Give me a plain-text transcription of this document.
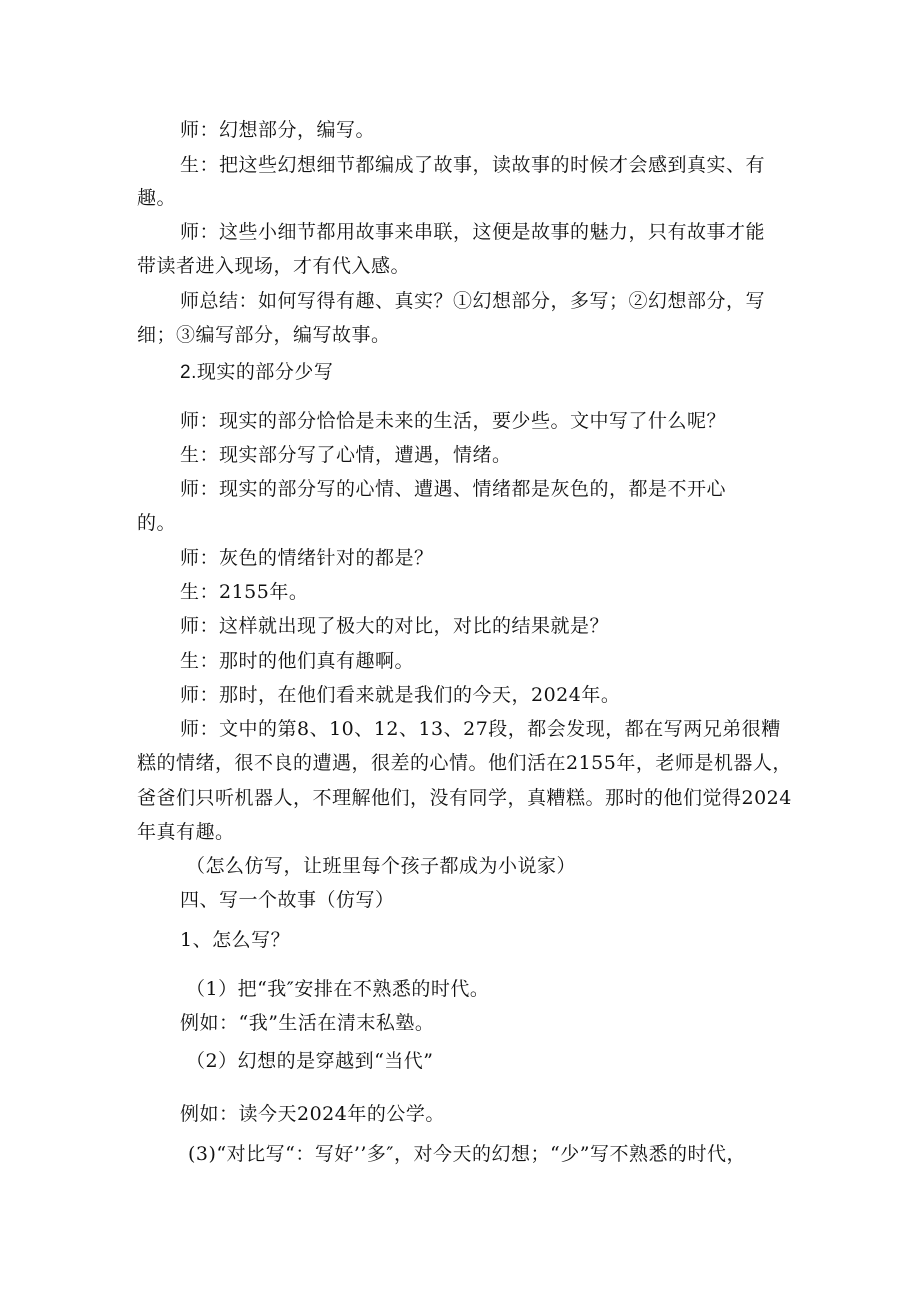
师：幻想部分，编写。
生：把这些幻想细节都编成了故事，读故事的时候才会感到真实、有
趣。
师：这些小细节都用故事来串联，这便是故事的魅力，只有故事才能
带读者进入现场，才有代入感。
师总结：如何写得有趣、真实？①幻想部分，多写；②幻想部分，写
细；③编写部分，编写故事。
2.现实的部分少写
师：现实的部分恰恰是未来的生活，要少些。文中写了什么呢？
生：现实部分写了心情，遭遇，情绪。
师：现实的部分写的心情、遭遇、情绪都是灰色的，都是不开心
的。
师：灰色的情绪针对的都是？
生：2155年。
师：这样就出现了极大的对比，对比的结果就是？
生：那时的他们真有趣啊。
师：那时，在他们看来就是我们的今天，2024年。
师：文中的第8、10、12、13、27段，都会发现，都在写两兄弟很糟
糕的情绪，很不良的遭遇，很差的心情。他们活在2155年，老师是机器人，
爸爸们只听机器人，不理解他们，没有同学，真糟糕。那时的他们觉得2024
年真有趣。
（怎么仿写，让班里每个孩子都成为小说家）
四、写一个故事（仿写）
1、怎么写？
（1）把“我″安排在不熟悉的时代。
例如：“我”生活在清末私塾。
（2）幻想的是穿越到“当代”
例如：读今天2024年的公学。
(3)“对比写“：写好’’多″，对今天的幻想；“少”写不熟悉的时代，
